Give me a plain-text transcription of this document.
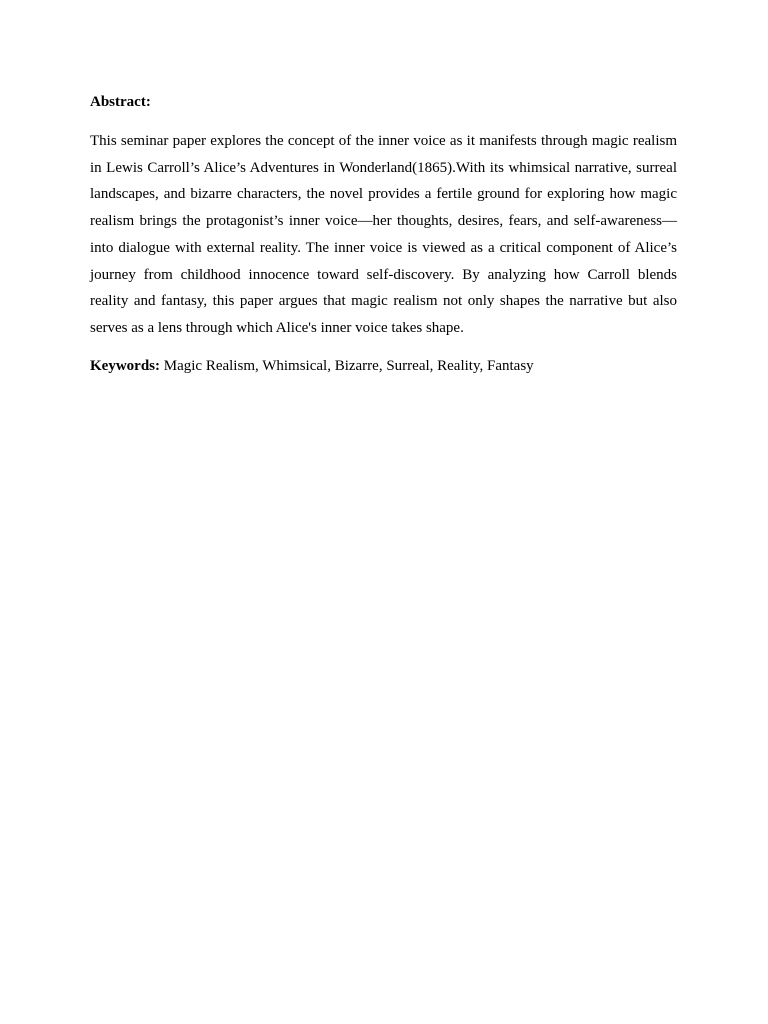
Abstract:

This seminar paper explores the concept of the inner voice as it manifests through magic realism in Lewis Carroll’s Alice’s Adventures in Wonderland(1865).With its whimsical narrative, surreal landscapes, and bizarre characters, the novel provides a fertile ground for exploring how magic realism brings the protagonist’s inner voice—her thoughts, desires, fears, and self-awareness—into dialogue with external reality. The inner voice is viewed as a critical component of Alice’s journey from childhood innocence toward self-discovery. By analyzing how Carroll blends reality and fantasy, this paper argues that magic realism not only shapes the narrative but also serves as a lens through which Alice's inner voice takes shape.

Keywords: Magic Realism, Whimsical, Bizarre, Surreal, Reality, Fantasy
